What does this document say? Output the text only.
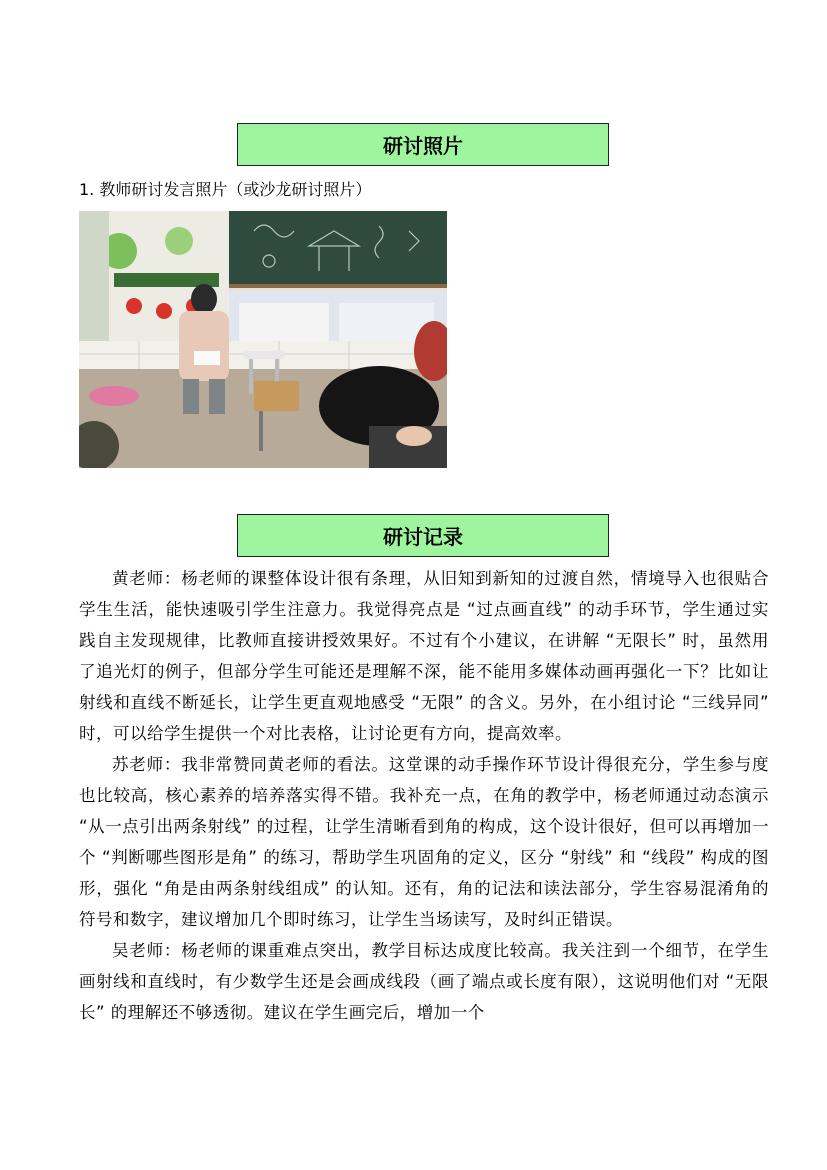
研讨照片
1. 教师研讨发言照片（或沙龙研讨照片）
研讨记录

黄老师：杨老师的课整体设计很有条理，从旧知到新知的过渡自然，情境导入也很贴合学生生活，能快速吸引学生注意力。我觉得亮点是 “过点画直线” 的动手环节，学生通过实践自主发现规律，比教师直接讲授效果好。不过有个小建议，在讲解 “无限长” 时，虽然用了追光灯的例子，但部分学生可能还是理解不深，能不能用多媒体动画再强化一下？比如让射线和直线不断延长，让学生更直观地感受 “无限” 的含义。另外，在小组讨论 “三线异同” 时，可以给学生提供一个对比表格，让讨论更有方向，提高效率。

苏老师：我非常赞同黄老师的看法。这堂课的动手操作环节设计得很充分，学生参与度也比较高，核心素养的培养落实得不错。我补充一点，在角的教学中，杨老师通过动态演示 “从一点引出两条射线” 的过程，让学生清晰看到角的构成，这个设计很好，但可以再增加一个 “判断哪些图形是角” 的练习，帮助学生巩固角的定义，区分 “射线” 和 “线段” 构成的图形，强化 “角是由两条射线组成” 的认知。还有，角的记法和读法部分，学生容易混淆角的符号和数字，建议增加几个即时练习，让学生当场读写，及时纠正错误。

吴老师：杨老师的课重难点突出，教学目标达成度比较高。我关注到一个细节，在学生画射线和直线时，有少数学生还是会画成线段（画了端点或长度有限），这说明他们对 “无限长” 的理解还不够透彻。建议在学生画完后，增加一个
